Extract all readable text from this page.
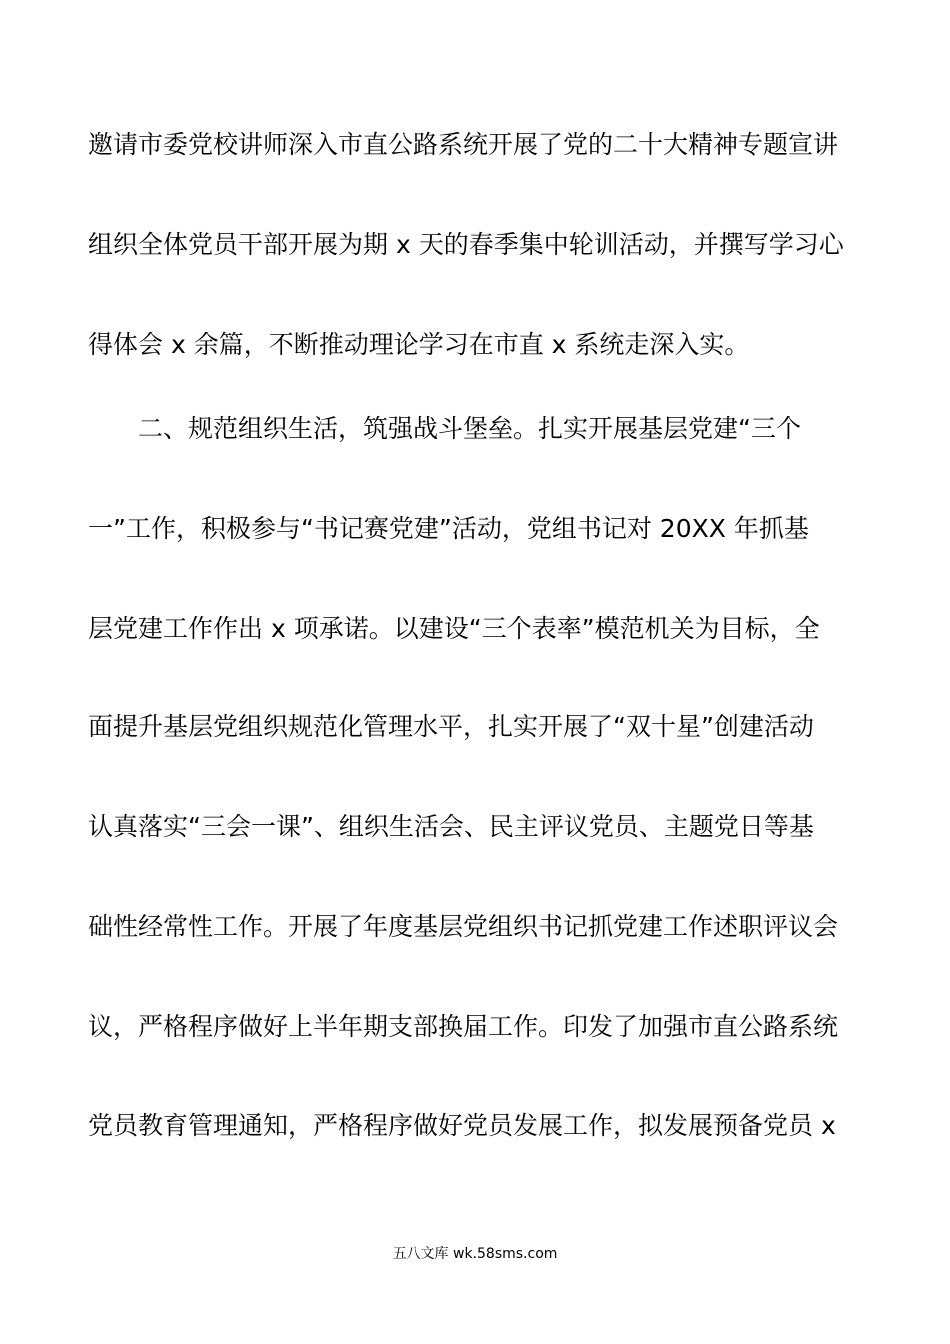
邀请市委党校讲师深入市直公路系统开展了党的二十大精神专题宣讲
组织全体党员干部开展为期 x 天的春季集中轮训活动，并撰写学习心
得体会 x 余篇，不断推动理论学习在市直 x 系统走深入实。
二、规范组织生活，筑强战斗堡垒。扎实开展基层党建“三个
一”工作，积极参与“书记赛党建”活动，党组书记对 20XX 年抓基
层党建工作作出 x 项承诺。以建设“三个表率”模范机关为目标，全
面提升基层党组织规范化管理水平，扎实开展了“双十星”创建活动
认真落实“三会一课”、组织生活会、民主评议党员、主题党日等基
础性经常性工作。开展了年度基层党组织书记抓党建工作述职评议会
议，严格程序做好上半年期支部换届工作。印发了加强市直公路系统
党员教育管理通知，严格程序做好党员发展工作，拟发展预备党员 x
五八文库 wk.58sms.com
